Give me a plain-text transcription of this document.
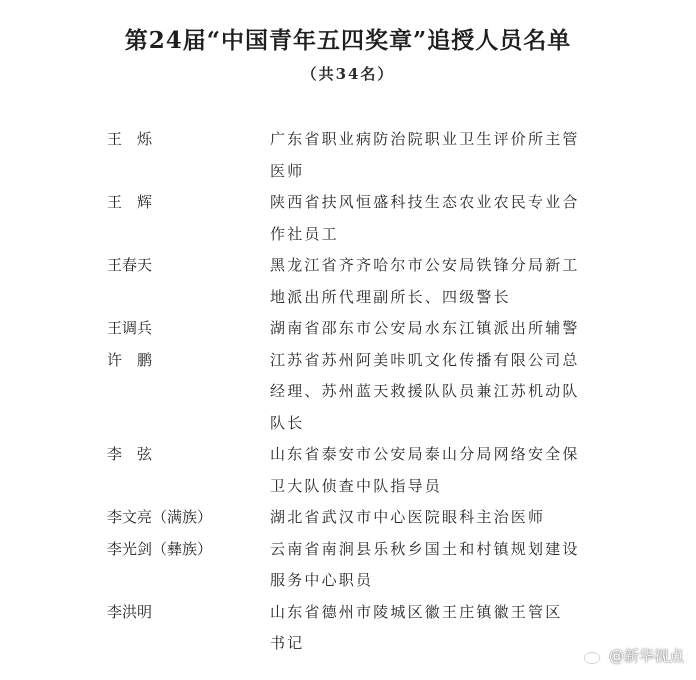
第24届“中国青年五四奖章”追授人员名单
（共34名）
王　烁	广东省职业病防治院职业卫生评价所主管
医师
王　辉	陕西省扶风恒盛科技生态农业农民专业合
作社员工
王春天	黑龙江省齐齐哈尔市公安局铁锋分局新工
地派出所代理副所长、四级警长
王调兵	湖南省邵东市公安局水东江镇派出所辅警
许　鹏	江苏省苏州阿美咔叽文化传播有限公司总
经理、苏州蓝天救援队队员兼江苏机动队
队长
李　弦	山东省泰安市公安局泰山分局网络安全保
卫大队侦查中队指导员
李文亮（满族）	湖北省武汉市中心医院眼科主治医师
李光剑（彝族）	云南省南涧县乐秋乡国土和村镇规划建设
服务中心职员
李洪明	山东省德州市陵城区徽王庄镇徽王管区
书记
@新华视点
